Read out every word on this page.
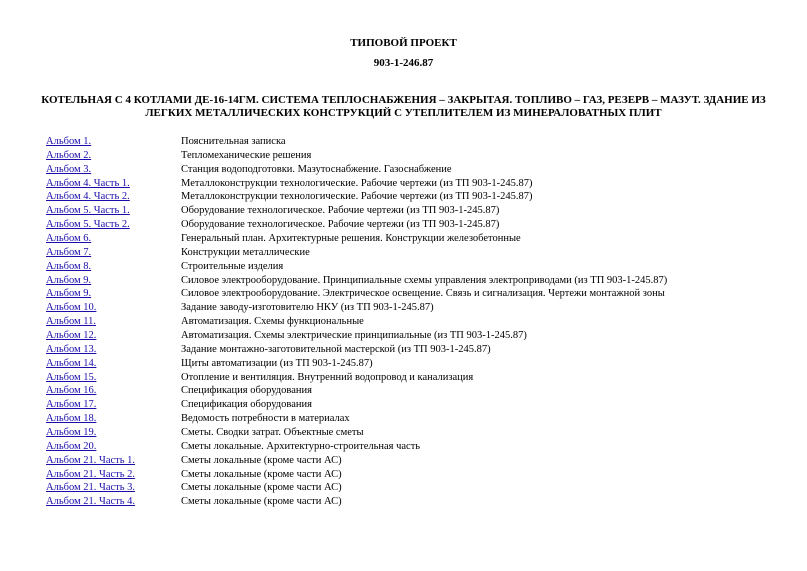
ТИПОВОЙ ПРОЕКТ
903-1-246.87
КОТЕЛЬНАЯ С 4 КОТЛАМИ ДЕ-16-14ГМ. СИСТЕМА ТЕПЛОСНАБЖЕНИЯ – ЗАКРЫТАЯ. ТОПЛИВО – ГАЗ, РЕЗЕРВ – МАЗУТ. ЗДАНИЕ ИЗ ЛЕГКИХ МЕТАЛЛИЧЕСКИХ КОНСТРУКЦИЙ С УТЕПЛИТЕЛЕМ ИЗ МИНЕРАЛОВАТНЫХ ПЛИТ
Альбом 1.	Пояснительная записка
Альбом 2.	Тепломеханические решения
Альбом 3.	Станция водоподготовки. Мазутоснабжение. Газоснабжение
Альбом 4. Часть 1.	Металлоконструкции технологические. Рабочие чертежи (из ТП 903-1-245.87)
Альбом 4. Часть 2.	Металлоконструкции технологические. Рабочие чертежи (из ТП 903-1-245.87)
Альбом 5. Часть 1.	Оборудование технологическое. Рабочие чертежи (из ТП 903-1-245.87)
Альбом 5. Часть 2.	Оборудование технологическое. Рабочие чертежи (из ТП 903-1-245.87)
Альбом 6.	Генеральный план. Архитектурные решения. Конструкции железобетонные
Альбом 7.	Конструкции металлические
Альбом 8.	Строительные изделия
Альбом 9.	Силовое электрооборудование. Принципиальные схемы управления электроприводами (из ТП 903-1-245.87)
Альбом 9.	Силовое электрооборудование. Электрическое освещение. Связь и сигнализация. Чертежи монтажной зоны
Альбом 10.	Задание заводу-изготовителю НКУ (из ТП 903-1-245.87)
Альбом 11.	Автоматизация. Схемы функциональные
Альбом 12.	Автоматизация. Схемы электрические принципиальные (из ТП 903-1-245.87)
Альбом 13.	Задание монтажно-заготовительной мастерской (из ТП 903-1-245.87)
Альбом 14.	Щиты автоматизации (из ТП 903-1-245.87)
Альбом 15.	Отопление и вентиляция. Внутренний водопровод и канализация
Альбом 16.	Спецификация оборудования
Альбом 17.	Спецификация оборудования
Альбом 18.	Ведомость потребности в материалах
Альбом 19.	Сметы. Сводки затрат. Объектные сметы
Альбом 20.	Сметы локальные. Архитектурно-строительная часть
Альбом 21. Часть 1.	Сметы локальные (кроме части АС)
Альбом 21. Часть 2.	Сметы локальные (кроме части АС)
Альбом 21. Часть 3.	Сметы локальные (кроме части АС)
Альбом 21. Часть 4.	Сметы локальные (кроме части АС)
